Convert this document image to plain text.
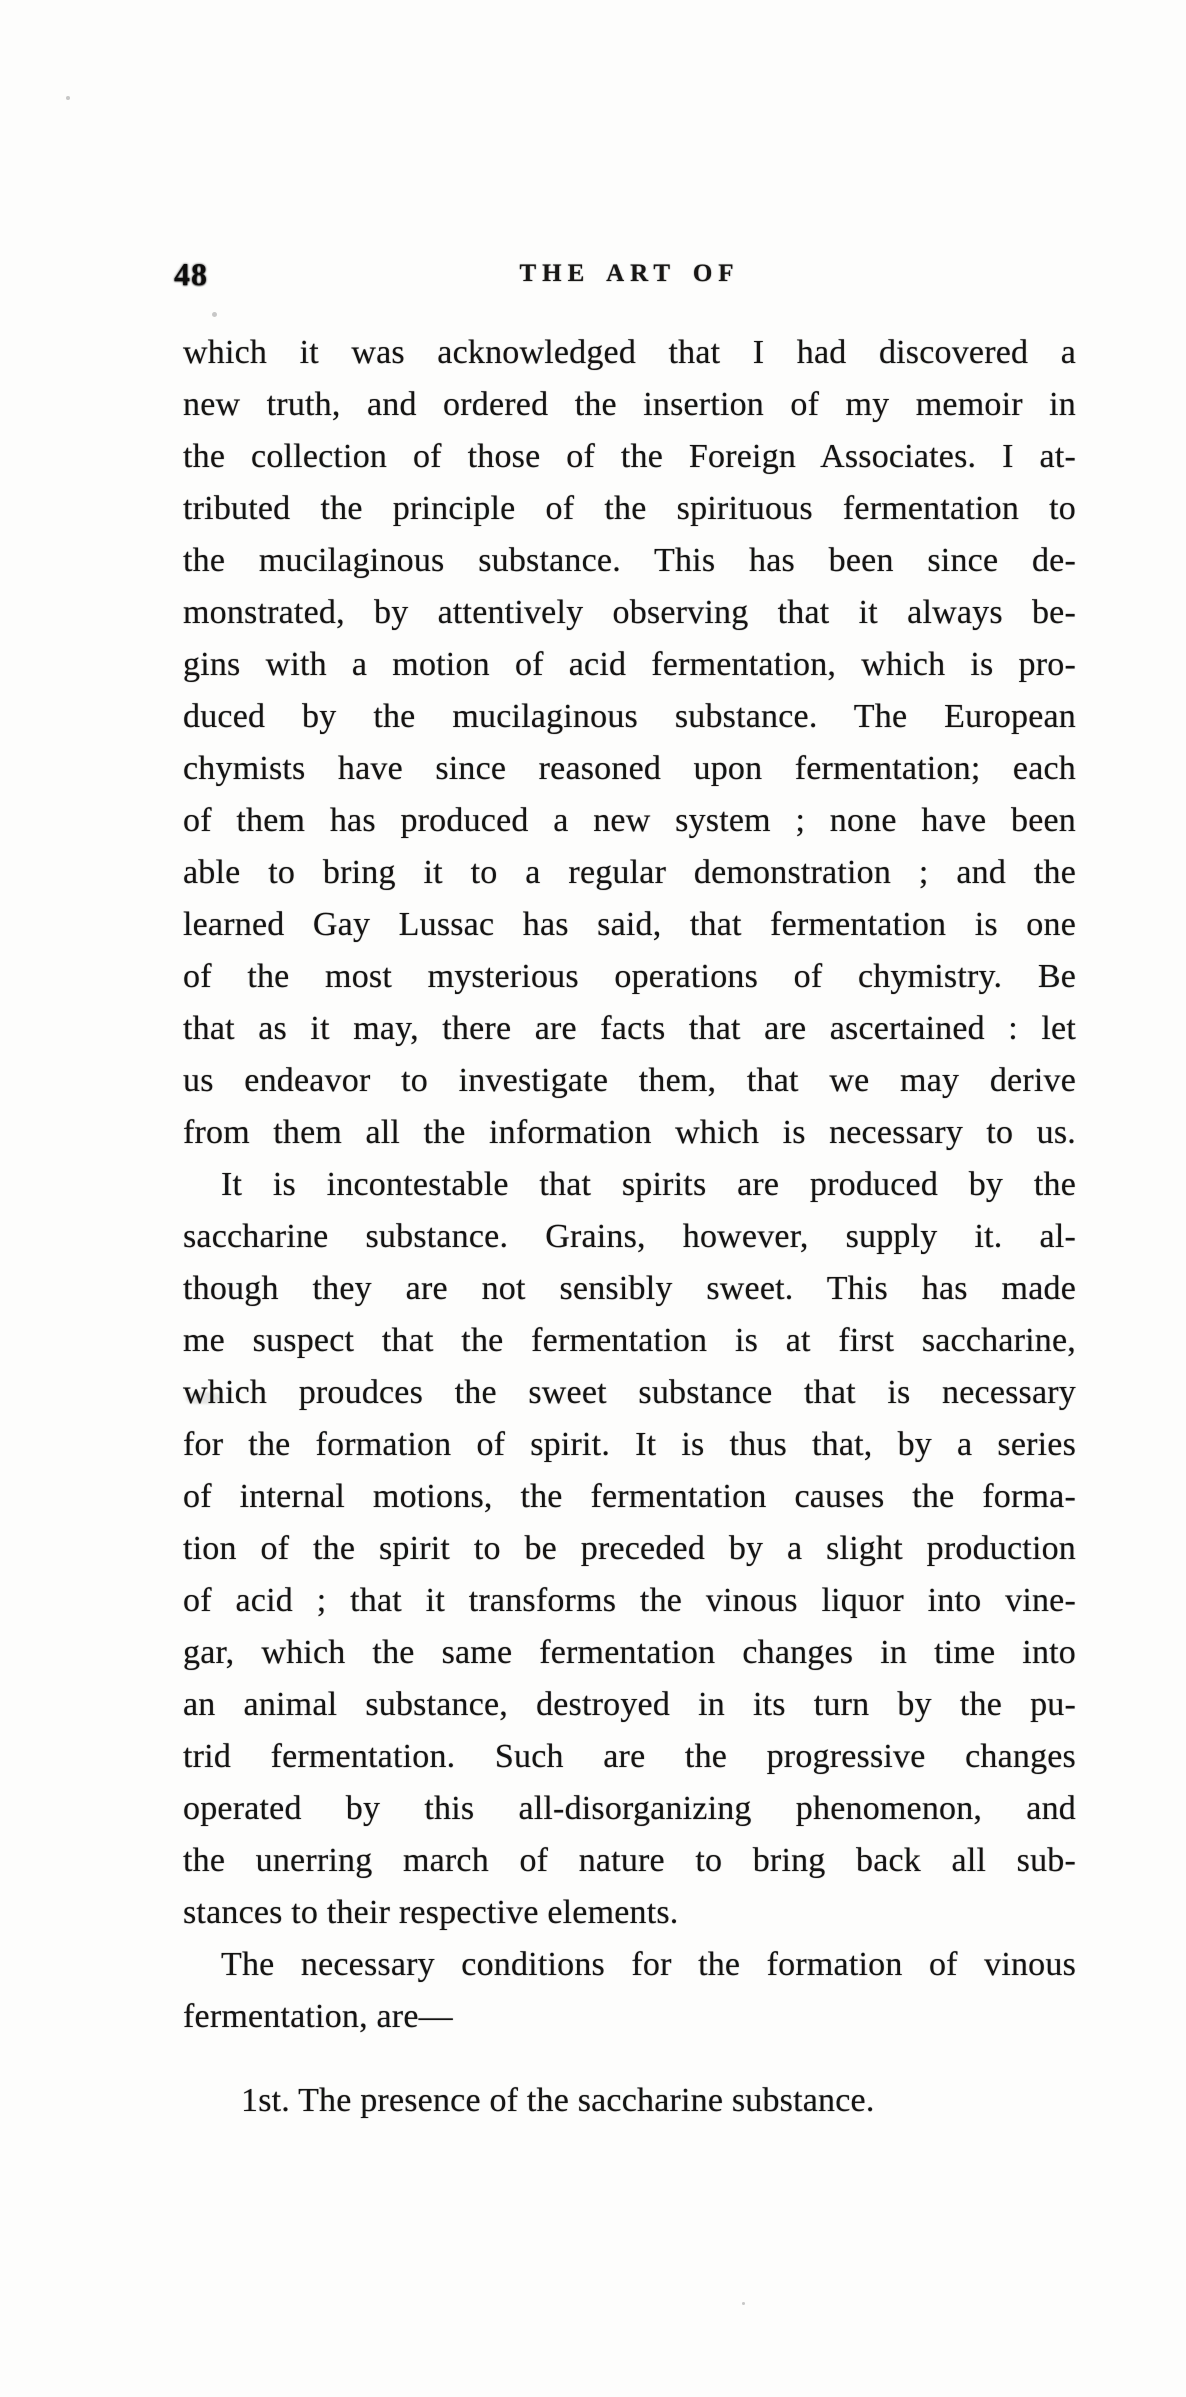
48	THE ART OF
which it was acknowledged that I had discovered a
new truth, and ordered the insertion of my memoir in
the collection of those of the Foreign Associates. I at-
tributed the principle of the spirituous fermentation to
the mucilaginous substance. This has been since de-
monstrated, by attentively observing that it always be-
gins with a motion of acid fermentation, which is pro-
duced by the mucilaginous substance. The European
chymists have since reasoned upon fermentation; each
of them has produced a new system ; none have been
able to bring it to a regular demonstration ; and the
learned Gay Lussac has said, that fermentation is one
of the most mysterious operations of chymistry. Be
that as it may, there are facts that are ascertained : let
us endeavor to investigate them, that we may derive
from them all the information which is necessary to us.
It is incontestable that spirits are produced by the
saccharine substance. Grains, however, supply it. al-
though they are not sensibly sweet. This has made
me suspect that the fermentation is at first saccharine,
which proudces the sweet substance that is necessary
for the formation of spirit. It is thus that, by a series
of internal motions, the fermentation causes the forma-
tion of the spirit to be preceded by a slight production
of acid ; that it transforms the vinous liquor into vine-
gar, which the same fermentation changes in time into
an animal substance, destroyed in its turn by the pu-
trid fermentation. Such are the progressive changes
operated by this all-disorganizing phenomenon, and
the unerring march of nature to bring back all sub-
stances to their respective elements.
The necessary conditions for the formation of vinous
fermentation, are—
1st. The presence of the saccharine substance.
